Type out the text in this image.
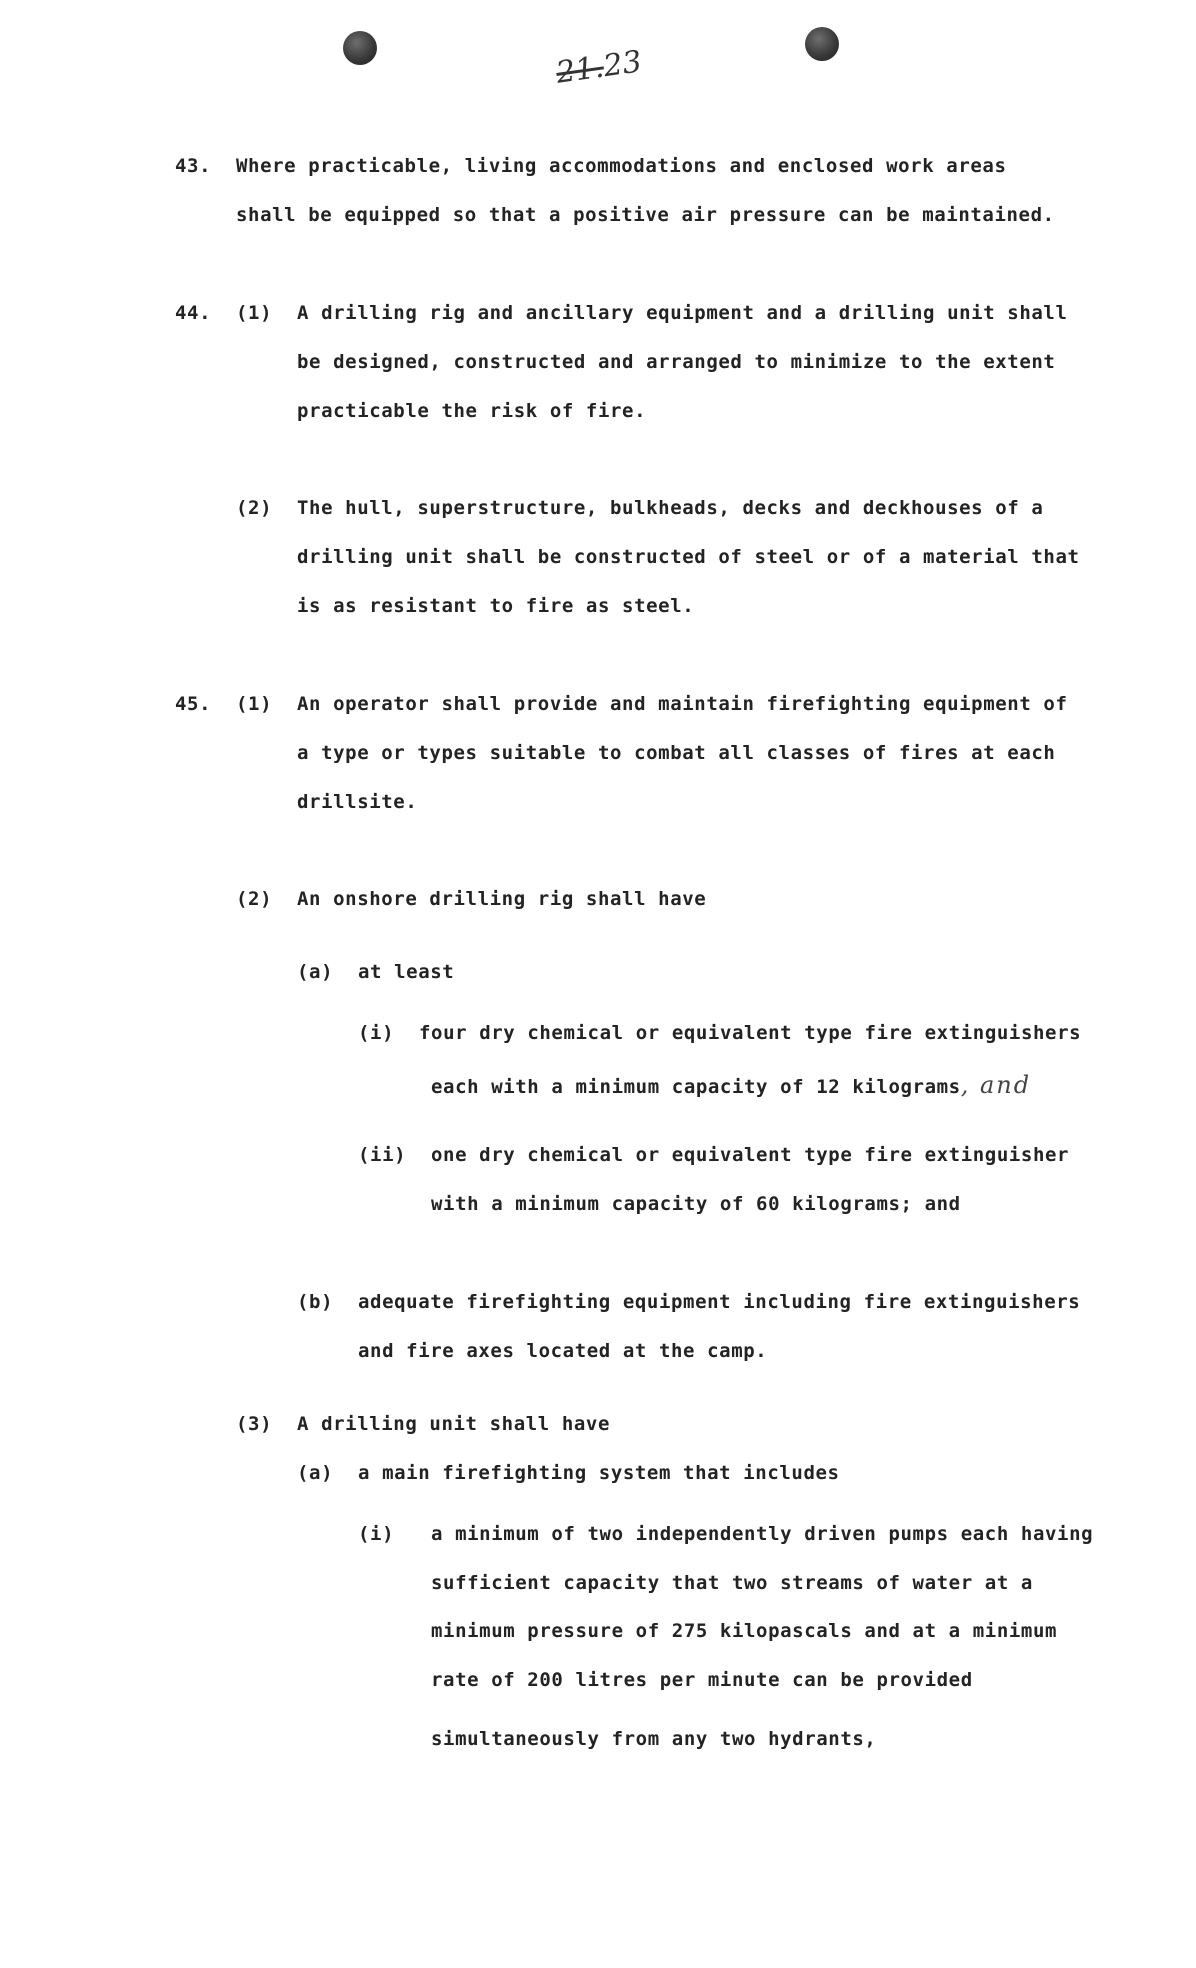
21.23
43. Where practicable, living accommodations and enclosed work areas
shall be equipped so that a positive air pressure can be maintained.
44. (1) A drilling rig and ancillary equipment and a drilling unit shall
be designed, constructed and arranged to minimize to the extent
practicable the risk of fire.
(2) The hull, superstructure, bulkheads, decks and deckhouses of a
drilling unit shall be constructed of steel or of a material that
is as resistant to fire as steel.
45. (1) An operator shall provide and maintain firefighting equipment of
a type or types suitable to combat all classes of fires at each
drillsite.
(2) An onshore drilling rig shall have
(a) at least
(i) four dry chemical or equivalent type fire extinguishers
each with a minimum capacity of 12 kilograms, and
(ii) one dry chemical or equivalent type fire extinguisher
with a minimum capacity of 60 kilograms; and
(b) adequate firefighting equipment including fire extinguishers
and fire axes located at the camp.
(3) A drilling unit shall have
(a) a main firefighting system that includes
(i) a minimum of two independently driven pumps each having
sufficient capacity that two streams of water at a
minimum pressure of 275 kilopascals and at a minimum
rate of 200 litres per minute can be provided
simultaneously from any two hydrants,
